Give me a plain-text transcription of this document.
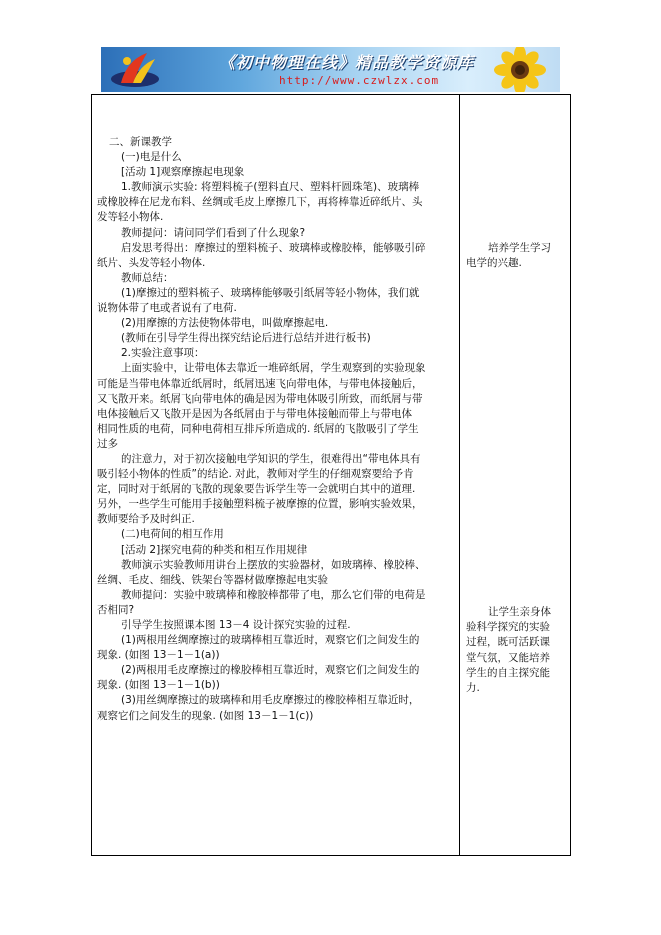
《初中物理在线》精品教学资源库
http://www.czwlzx.com

二、新课教学

(一)电是什么

[活动 1]观察摩擦起电现象

1.教师演示实验: 将塑料梳子(塑料直尺、塑料杆圆珠笔)、玻璃棒

或橡胶棒在尼龙布料、丝绸或毛皮上摩擦几下，再将棒靠近碎纸片、头

发等轻小物体.

教师提问：请问同学们看到了什么现象?

启发思考得出：摩擦过的塑料梳子、玻璃棒或橡胶棒，能够吸引碎

纸片、头发等轻小物体.

教师总结：

(1)摩擦过的塑料梳子、玻璃棒能够吸引纸屑等轻小物体，我们就

说物体带了电或者说有了电荷.

(2)用摩擦的方法使物体带电，叫做摩擦起电.

(教师在引导学生得出探究结论后进行总结并进行板书)

2.实验注意事项：

上面实验中，让带电体去靠近一堆碎纸屑，学生观察到的实验现象

可能是当带电体靠近纸屑时，纸屑迅速飞向带电体，与带电体接触后，

又飞散开来。纸屑飞向带电体的确是因为带电体吸引所致，而纸屑与带

电体接触后又飞散开是因为各纸屑由于与带电体接触而带上与带电体

相同性质的电荷，同种电荷相互排斥所造成的. 纸屑的飞散吸引了学生

过多

的注意力，对于初次接触电学知识的学生，很难得出“带电体具有

吸引轻小物体的性质”的结论. 对此，教师对学生的仔细观察要给予肯

定，同时对于纸屑的飞散的现象要告诉学生等一会就明白其中的道理.

另外，一些学生可能用手接触塑料梳子被摩擦的位置，影响实验效果，

教师要给予及时纠正.

(二)电荷间的相互作用

[活动 2]探究电荷的种类和相互作用规律

教师演示实验教师用讲台上摆放的实验器材，如玻璃棒、橡胶棒、

丝绸、毛皮、细线、铁架台等器材做摩擦起电实验

教师提问：实验中玻璃棒和橡胶棒都带了电，那么它们带的电荷是

否相同?

引导学生按照课本图 13－4 设计探究实验的过程.

(1)两根用丝绸摩擦过的玻璃棒相互靠近时，观察它们之间发生的

现象. (如图 13－1－1(a))

(2)两根用毛皮摩擦过的橡胶棒相互靠近时，观察它们之间发生的

现象. (如图 13－1－1(b))

(3)用丝绸摩擦过的玻璃棒和用毛皮摩擦过的橡胶棒相互靠近时，

观察它们之间发生的现象. (如图 13－1－1(c))

培养学生学习

电学的兴趣.

让学生亲身体

验科学探究的实验

过程，既可活跃课

堂气氛，又能培养

学生的自主探究能

力.
